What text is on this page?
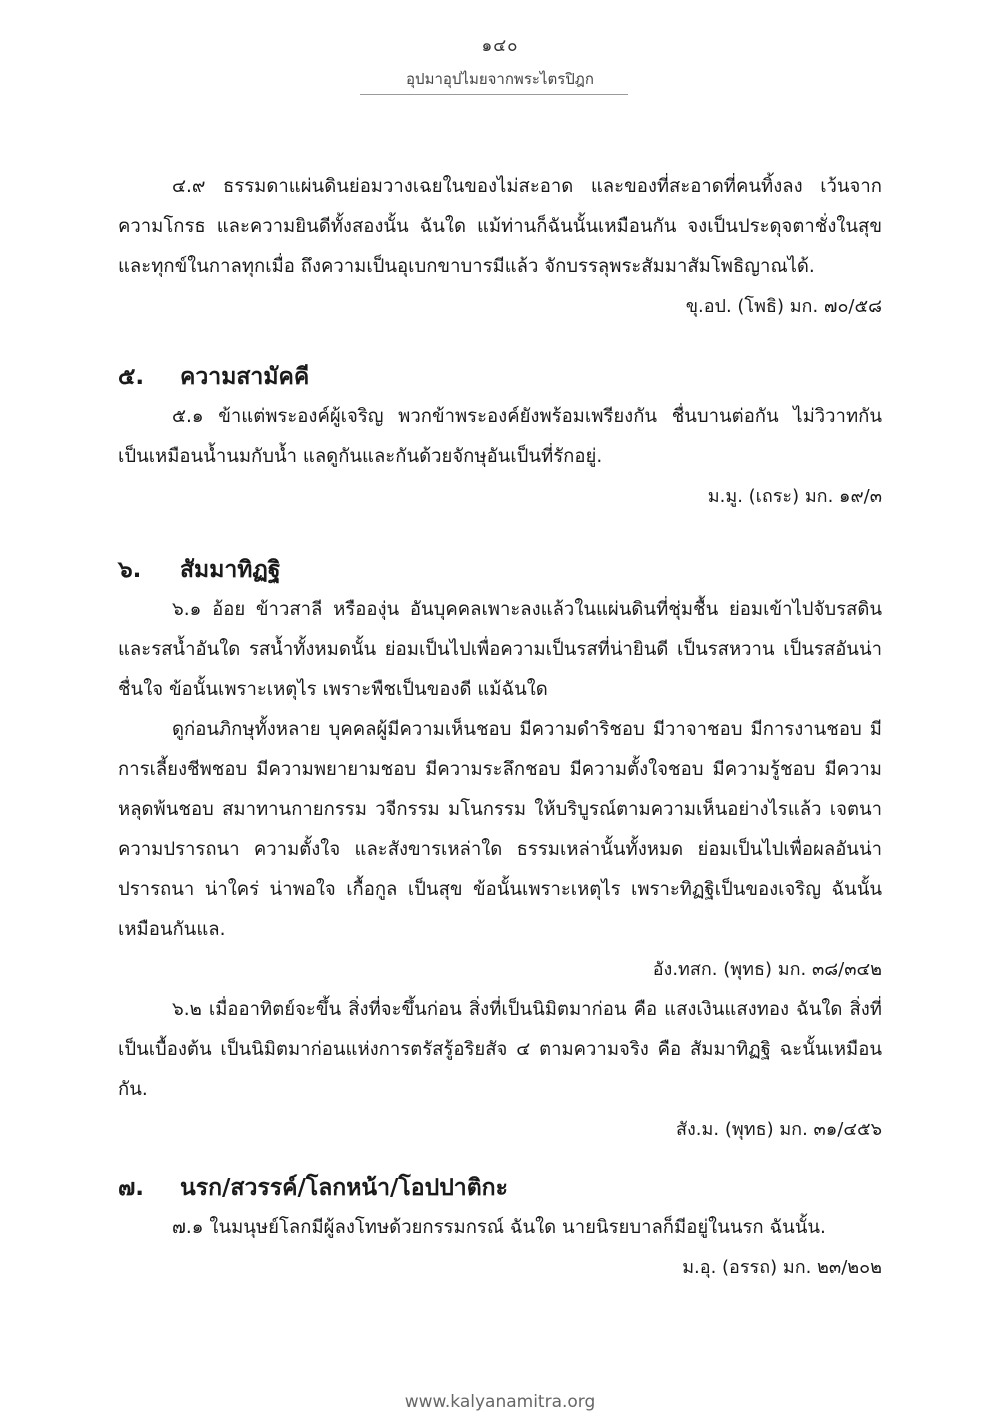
๑๔๐
อุปมาอุปไมยจากพระไตรปิฎก

๔.๙ ธรรมดาแผ่นดินย่อมวางเฉยในของไม่สะอาด และของที่สะอาดที่คนทิ้งลง เว้นจากความโกรธ และความยินดีทั้งสองนั้น ฉันใด แม้ท่านก็ฉันนั้นเหมือนกัน จงเป็นประดุจตาชั่งในสุขและทุกข์ในกาลทุกเมื่อ ถึงความเป็นอุเบกขาบารมีแล้ว จักบรรลุพระสัมมาสัมโพธิญาณได้.

ขุ.อป. (โพธิ) มก. ๗๐/๕๘

๕.	ความสามัคคี

๕.๑ ข้าแต่พระองค์ผู้เจริญ พวกข้าพระองค์ยังพร้อมเพรียงกัน ชื่นบานต่อกัน ไม่วิวาทกัน เป็นเหมือนน้ำนมกับน้ำ แลดูกันและกันด้วยจักษุอันเป็นที่รักอยู่.

ม.มู. (เถระ) มก. ๑๙/๓

๖.	สัมมาทิฏฐิ

๖.๑ อ้อย ข้าวสาลี หรือองุ่น อันบุคคลเพาะลงแล้วในแผ่นดินที่ชุ่มชื้น ย่อมเข้าไปจับรสดินและรสน้ำอันใด รสน้ำทั้งหมดนั้น ย่อมเป็นไปเพื่อความเป็นรสที่น่ายินดี เป็นรสหวาน เป็นรสอันน่าชื่นใจ ข้อนั้นเพราะเหตุไร เพราะพืชเป็นของดี แม้ฉันใด

ดูก่อนภิกษุทั้งหลาย บุคคลผู้มีความเห็นชอบ มีความดำริชอบ มีวาจาชอบ มีการงานชอบ มีการเลี้ยงชีพชอบ มีความพยายามชอบ มีความระลึกชอบ มีความตั้งใจชอบ มีความรู้ชอบ มีความหลุดพ้นชอบ สมาทานกายกรรม วจีกรรม มโนกรรม ให้บริบูรณ์ตามความเห็นอย่างไรแล้ว เจตนา ความปรารถนา ความตั้งใจ และสังขารเหล่าใด ธรรมเหล่านั้นทั้งหมด ย่อมเป็นไปเพื่อผลอันน่าปรารถนา น่าใคร่ น่าพอใจ เกื้อกูล เป็นสุข ข้อนั้นเพราะเหตุไร เพราะทิฏฐิเป็นของเจริญ ฉันนั้นเหมือนกันแล.

อัง.ทสก. (พุทธ) มก. ๓๘/๓๔๒

๖.๒ เมื่ออาทิตย์จะขึ้น สิ่งที่จะขึ้นก่อน สิ่งที่เป็นนิมิตมาก่อน คือ แสงเงินแสงทอง ฉันใด สิ่งที่เป็นเบื้องต้น เป็นนิมิตมาก่อนแห่งการตรัสรู้อริยสัจ ๔ ตามความจริง คือ สัมมาทิฏฐิ ฉะนั้นเหมือนกัน.

สัง.ม. (พุทธ) มก. ๓๑/๔๕๖

๗.	นรก/สวรรค์/โลกหน้า/โอปปาติกะ

๗.๑ ในมนุษย์โลกมีผู้ลงโทษด้วยกรรมกรณ์ ฉันใด นายนิรยบาลก็มีอยู่ในนรก ฉันนั้น.

ม.อุ. (อรรถ) มก. ๒๓/๒๐๒

www.kalyanamitra.org
